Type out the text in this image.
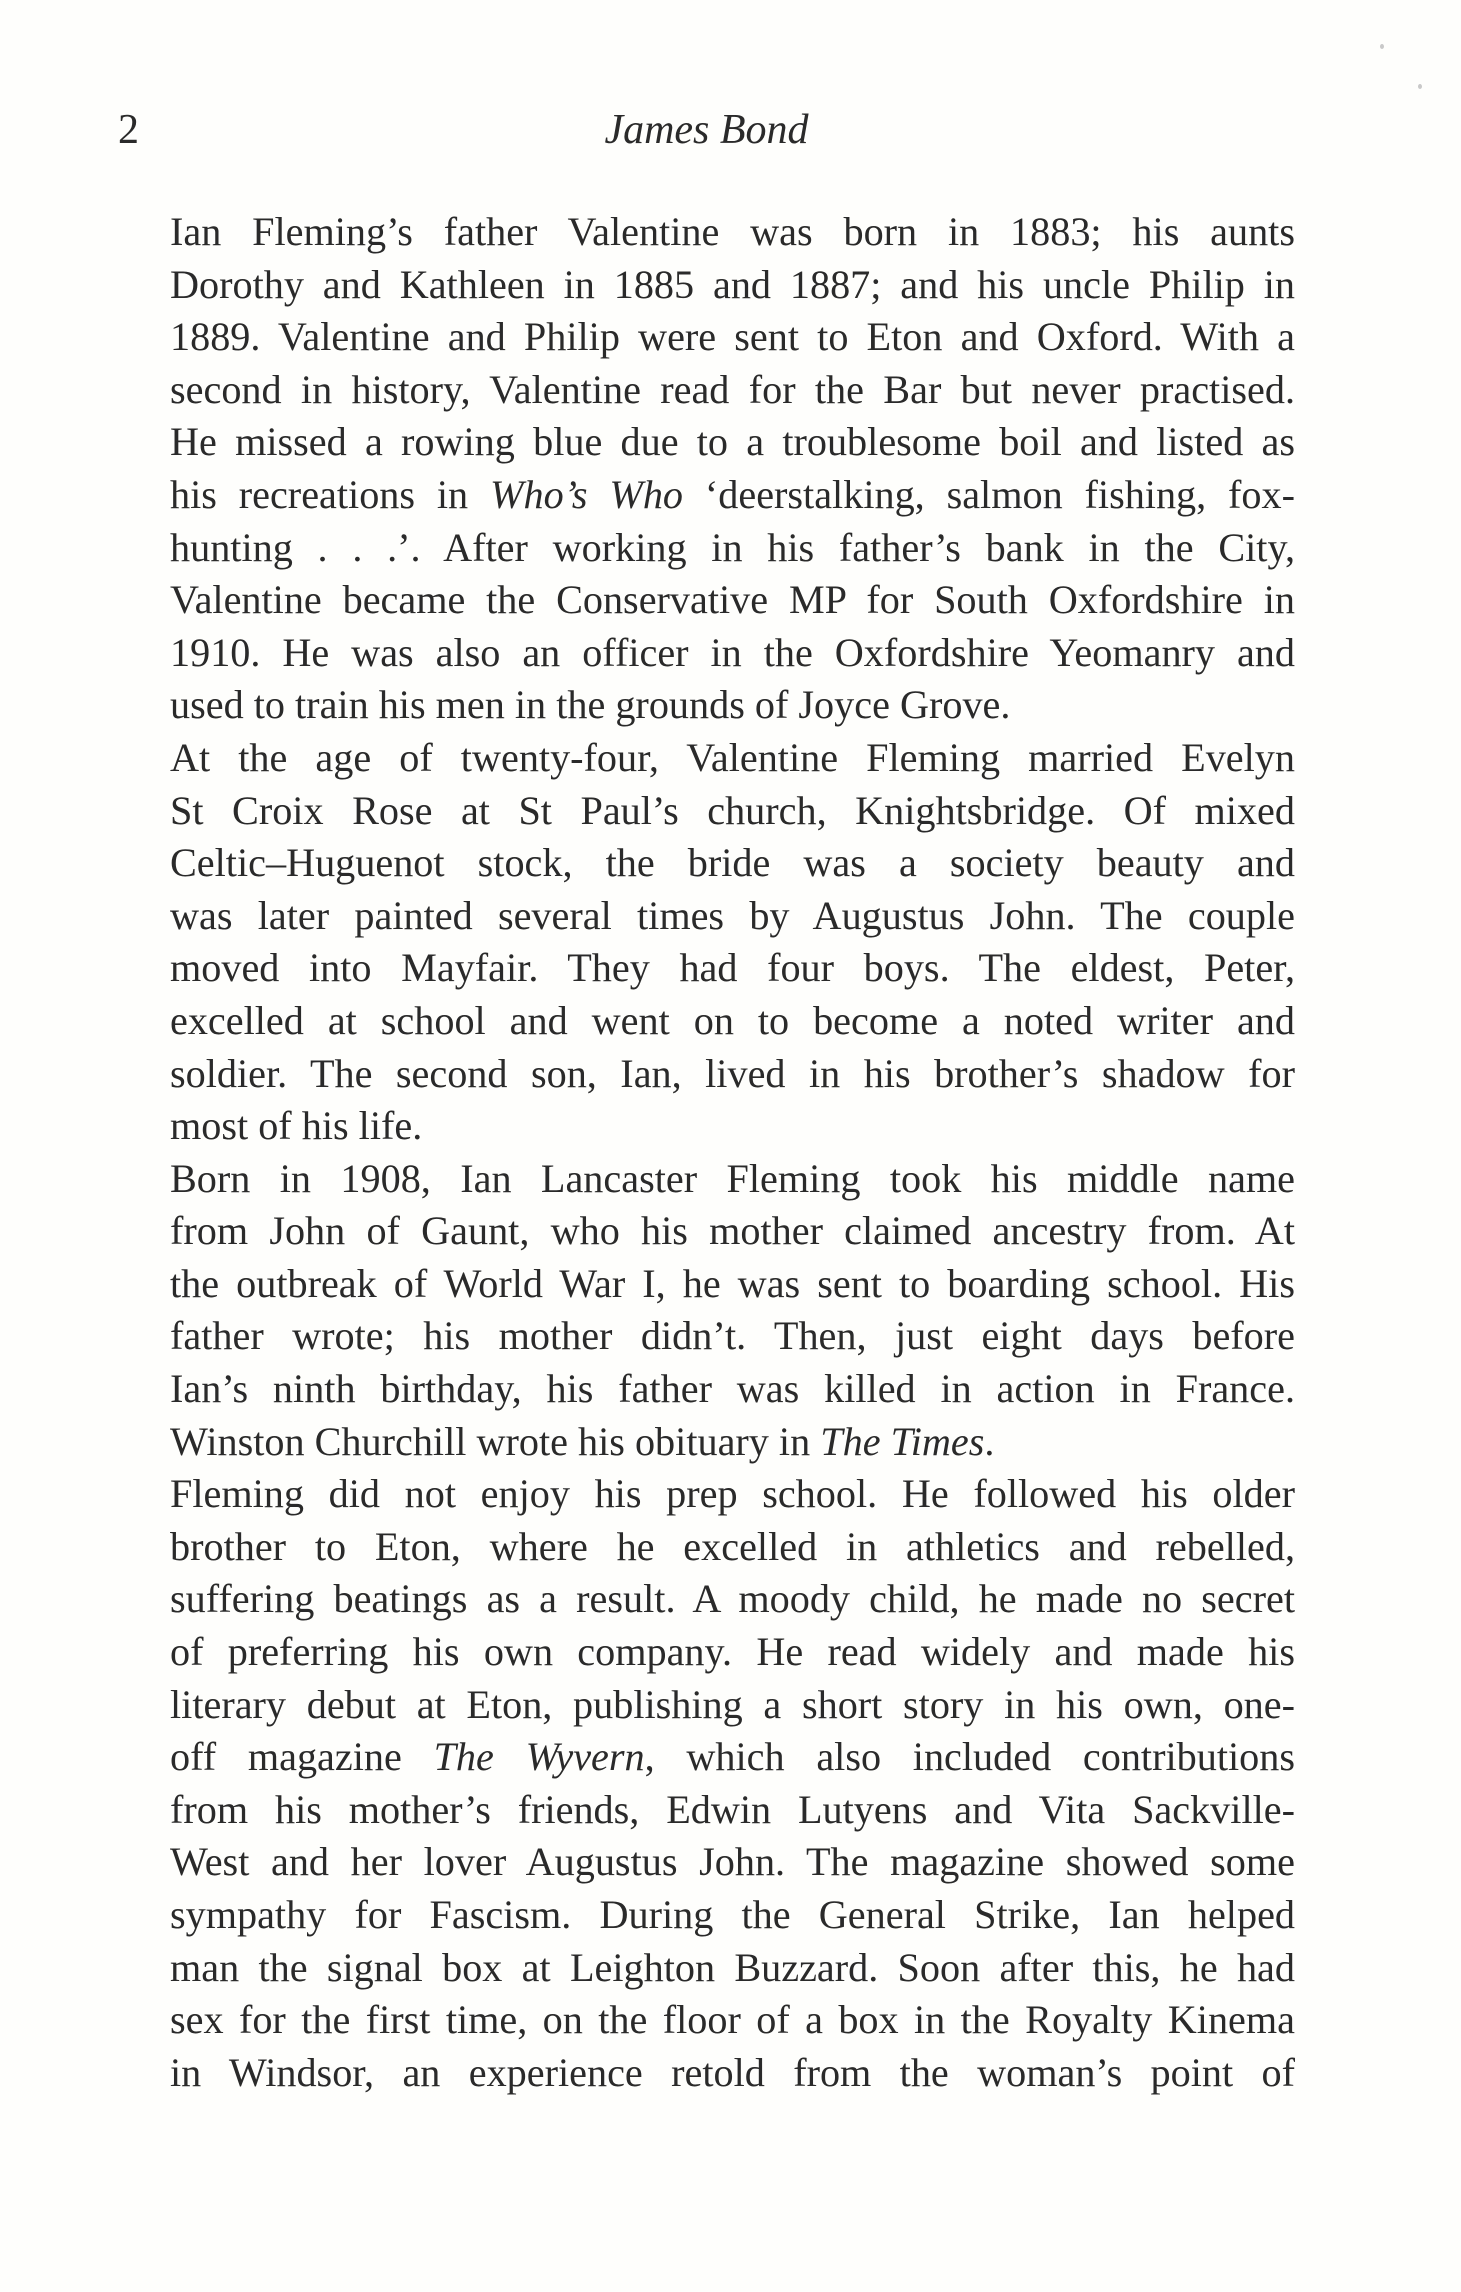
2	James Bond

Ian Fleming’s father Valentine was born in 1883; his aunts
Dorothy and Kathleen in 1885 and 1887; and his uncle Philip in
1889. Valentine and Philip were sent to Eton and Oxford. With a
second in history, Valentine read for the Bar but never practised.
He missed a rowing blue due to a troublesome boil and listed as
his recreations in Who’s Who ‘deerstalking, salmon fishing, fox-
hunting . . .’. After working in his father’s bank in the City,
Valentine became the Conservative MP for South Oxfordshire in
1910. He was also an officer in the Oxfordshire Yeomanry and
used to train his men in the grounds of Joyce Grove.

At the age of twenty-four, Valentine Fleming married Evelyn
St Croix Rose at St Paul’s church, Knightsbridge. Of mixed
Celtic–Huguenot stock, the bride was a society beauty and
was later painted several times by Augustus John. The couple
moved into Mayfair. They had four boys. The eldest, Peter,
excelled at school and went on to become a noted writer and
soldier. The second son, Ian, lived in his brother’s shadow for
most of his life.

Born in 1908, Ian Lancaster Fleming took his middle name
from John of Gaunt, who his mother claimed ancestry from. At
the outbreak of World War I, he was sent to boarding school. His
father wrote; his mother didn’t. Then, just eight days before
Ian’s ninth birthday, his father was killed in action in France.
Winston Churchill wrote his obituary in The Times.

Fleming did not enjoy his prep school. He followed his older
brother to Eton, where he excelled in athletics and rebelled,
suffering beatings as a result. A moody child, he made no secret
of preferring his own company. He read widely and made his
literary debut at Eton, publishing a short story in his own, one-
off magazine The Wyvern, which also included contributions
from his mother’s friends, Edwin Lutyens and Vita Sackville-
West and her lover Augustus John. The magazine showed some
sympathy for Fascism. During the General Strike, Ian helped
man the signal box at Leighton Buzzard. Soon after this, he had
sex for the first time, on the floor of a box in the Royalty Kinema
in Windsor, an experience retold from the woman’s point of
